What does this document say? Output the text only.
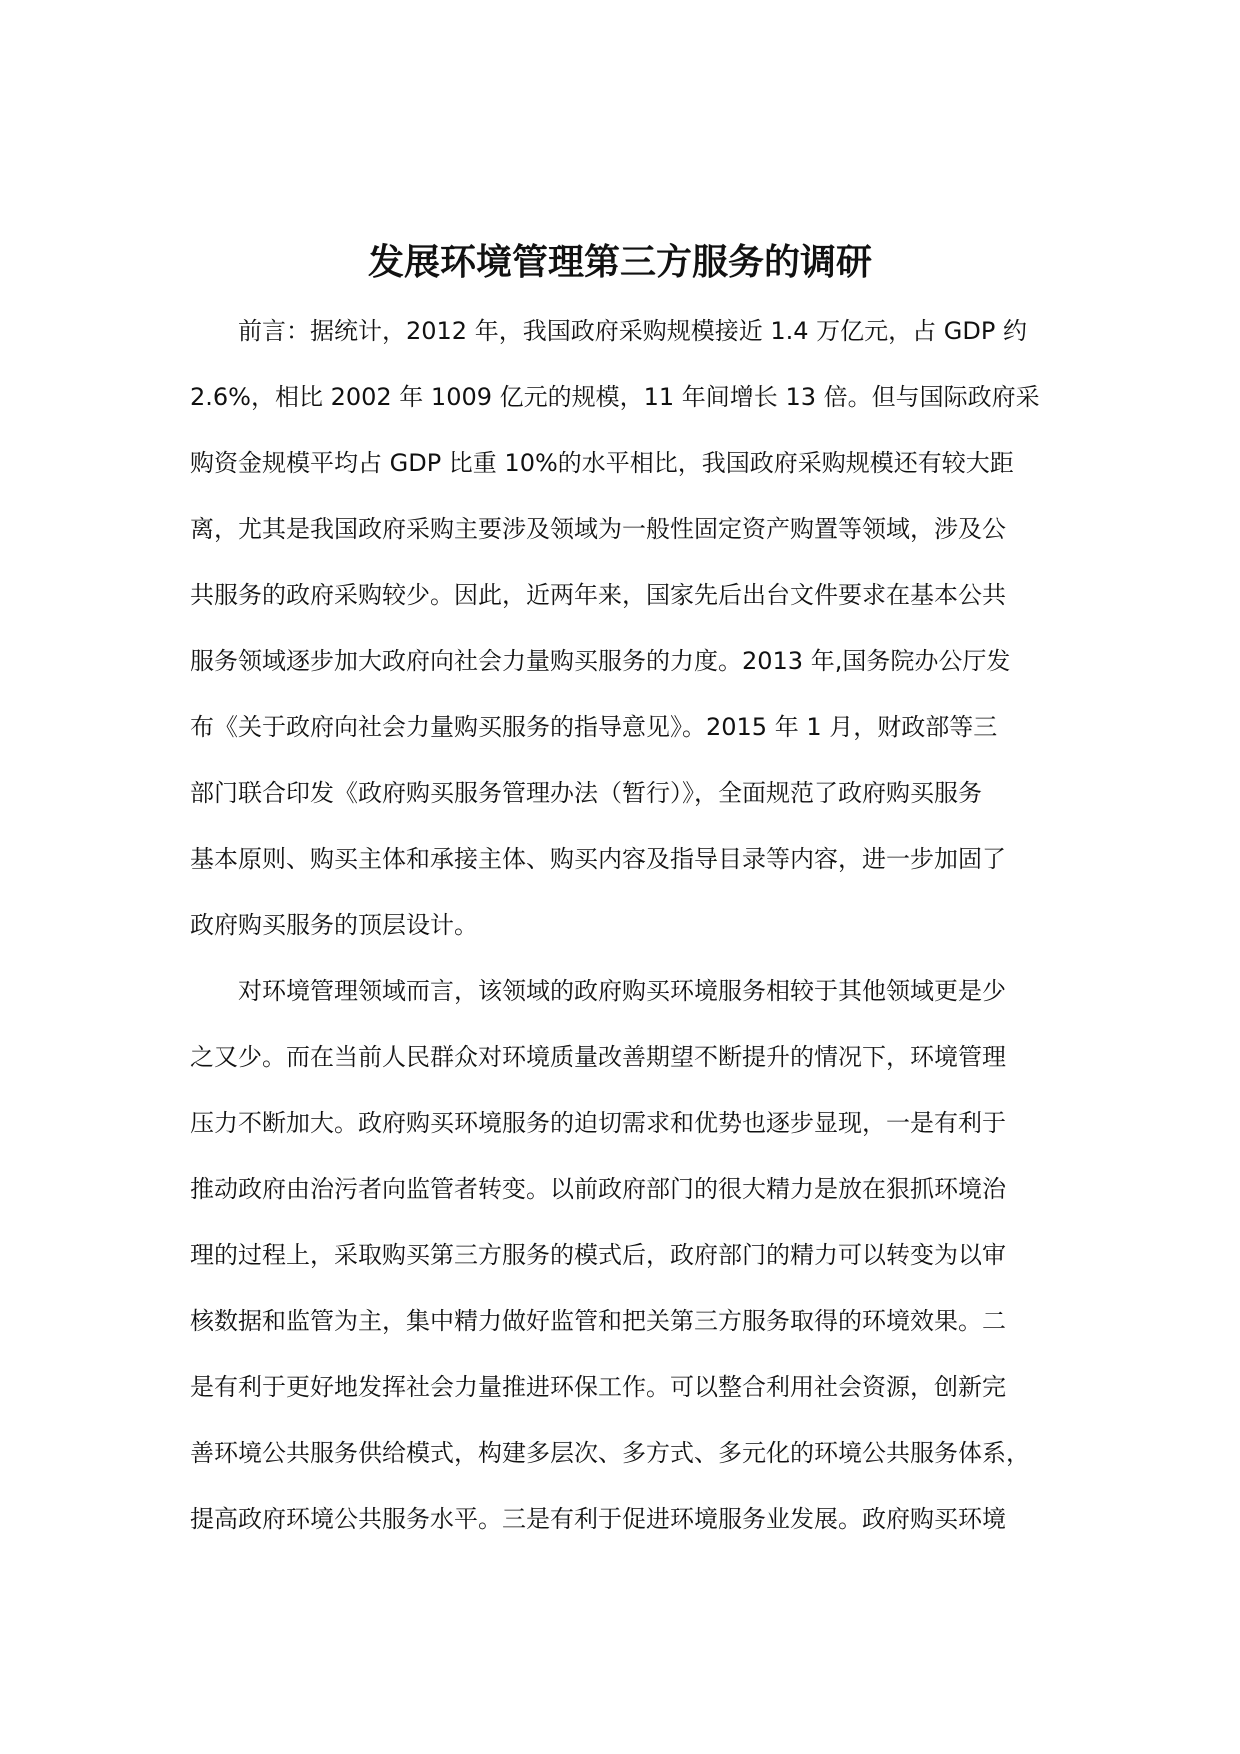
发展环境管理第三方服务的调研

前言：据统计，2012 年，我国政府采购规模接近 1.4 万亿元，占 GDP 约

2.6%，相比 2002 年 1009 亿元的规模，11 年间增长 13 倍。但与国际政府采

购资金规模平均占 GDP 比重 10%的水平相比，我国政府采购规模还有较大距

离，尤其是我国政府采购主要涉及领域为一般性固定资产购置等领域，涉及公

共服务的政府采购较少。因此，近两年来，国家先后出台文件要求在基本公共

服务领域逐步加大政府向社会力量购买服务的力度。2013 年,国务院办公厅发

布《关于政府向社会力量购买服务的指导意见》。2015 年 1 月，财政部等三

部门联合印发《政府购买服务管理办法（暂行）》，全面规范了政府购买服务

基本原则、购买主体和承接主体、购买内容及指导目录等内容，进一步加固了

政府购买服务的顶层设计。

对环境管理领域而言，该领域的政府购买环境服务相较于其他领域更是少

之又少。而在当前人民群众对环境质量改善期望不断提升的情况下，环境管理

压力不断加大。政府购买环境服务的迫切需求和优势也逐步显现，一是有利于

推动政府由治污者向监管者转变。以前政府部门的很大精力是放在狠抓环境治

理的过程上，采取购买第三方服务的模式后，政府部门的精力可以转变为以审

核数据和监管为主，集中精力做好监管和把关第三方服务取得的环境效果。二

是有利于更好地发挥社会力量推进环保工作。可以整合利用社会资源，创新完

善环境公共服务供给模式，构建多层次、多方式、多元化的环境公共服务体系，

提高政府环境公共服务水平。三是有利于促进环境服务业发展。政府购买环境
